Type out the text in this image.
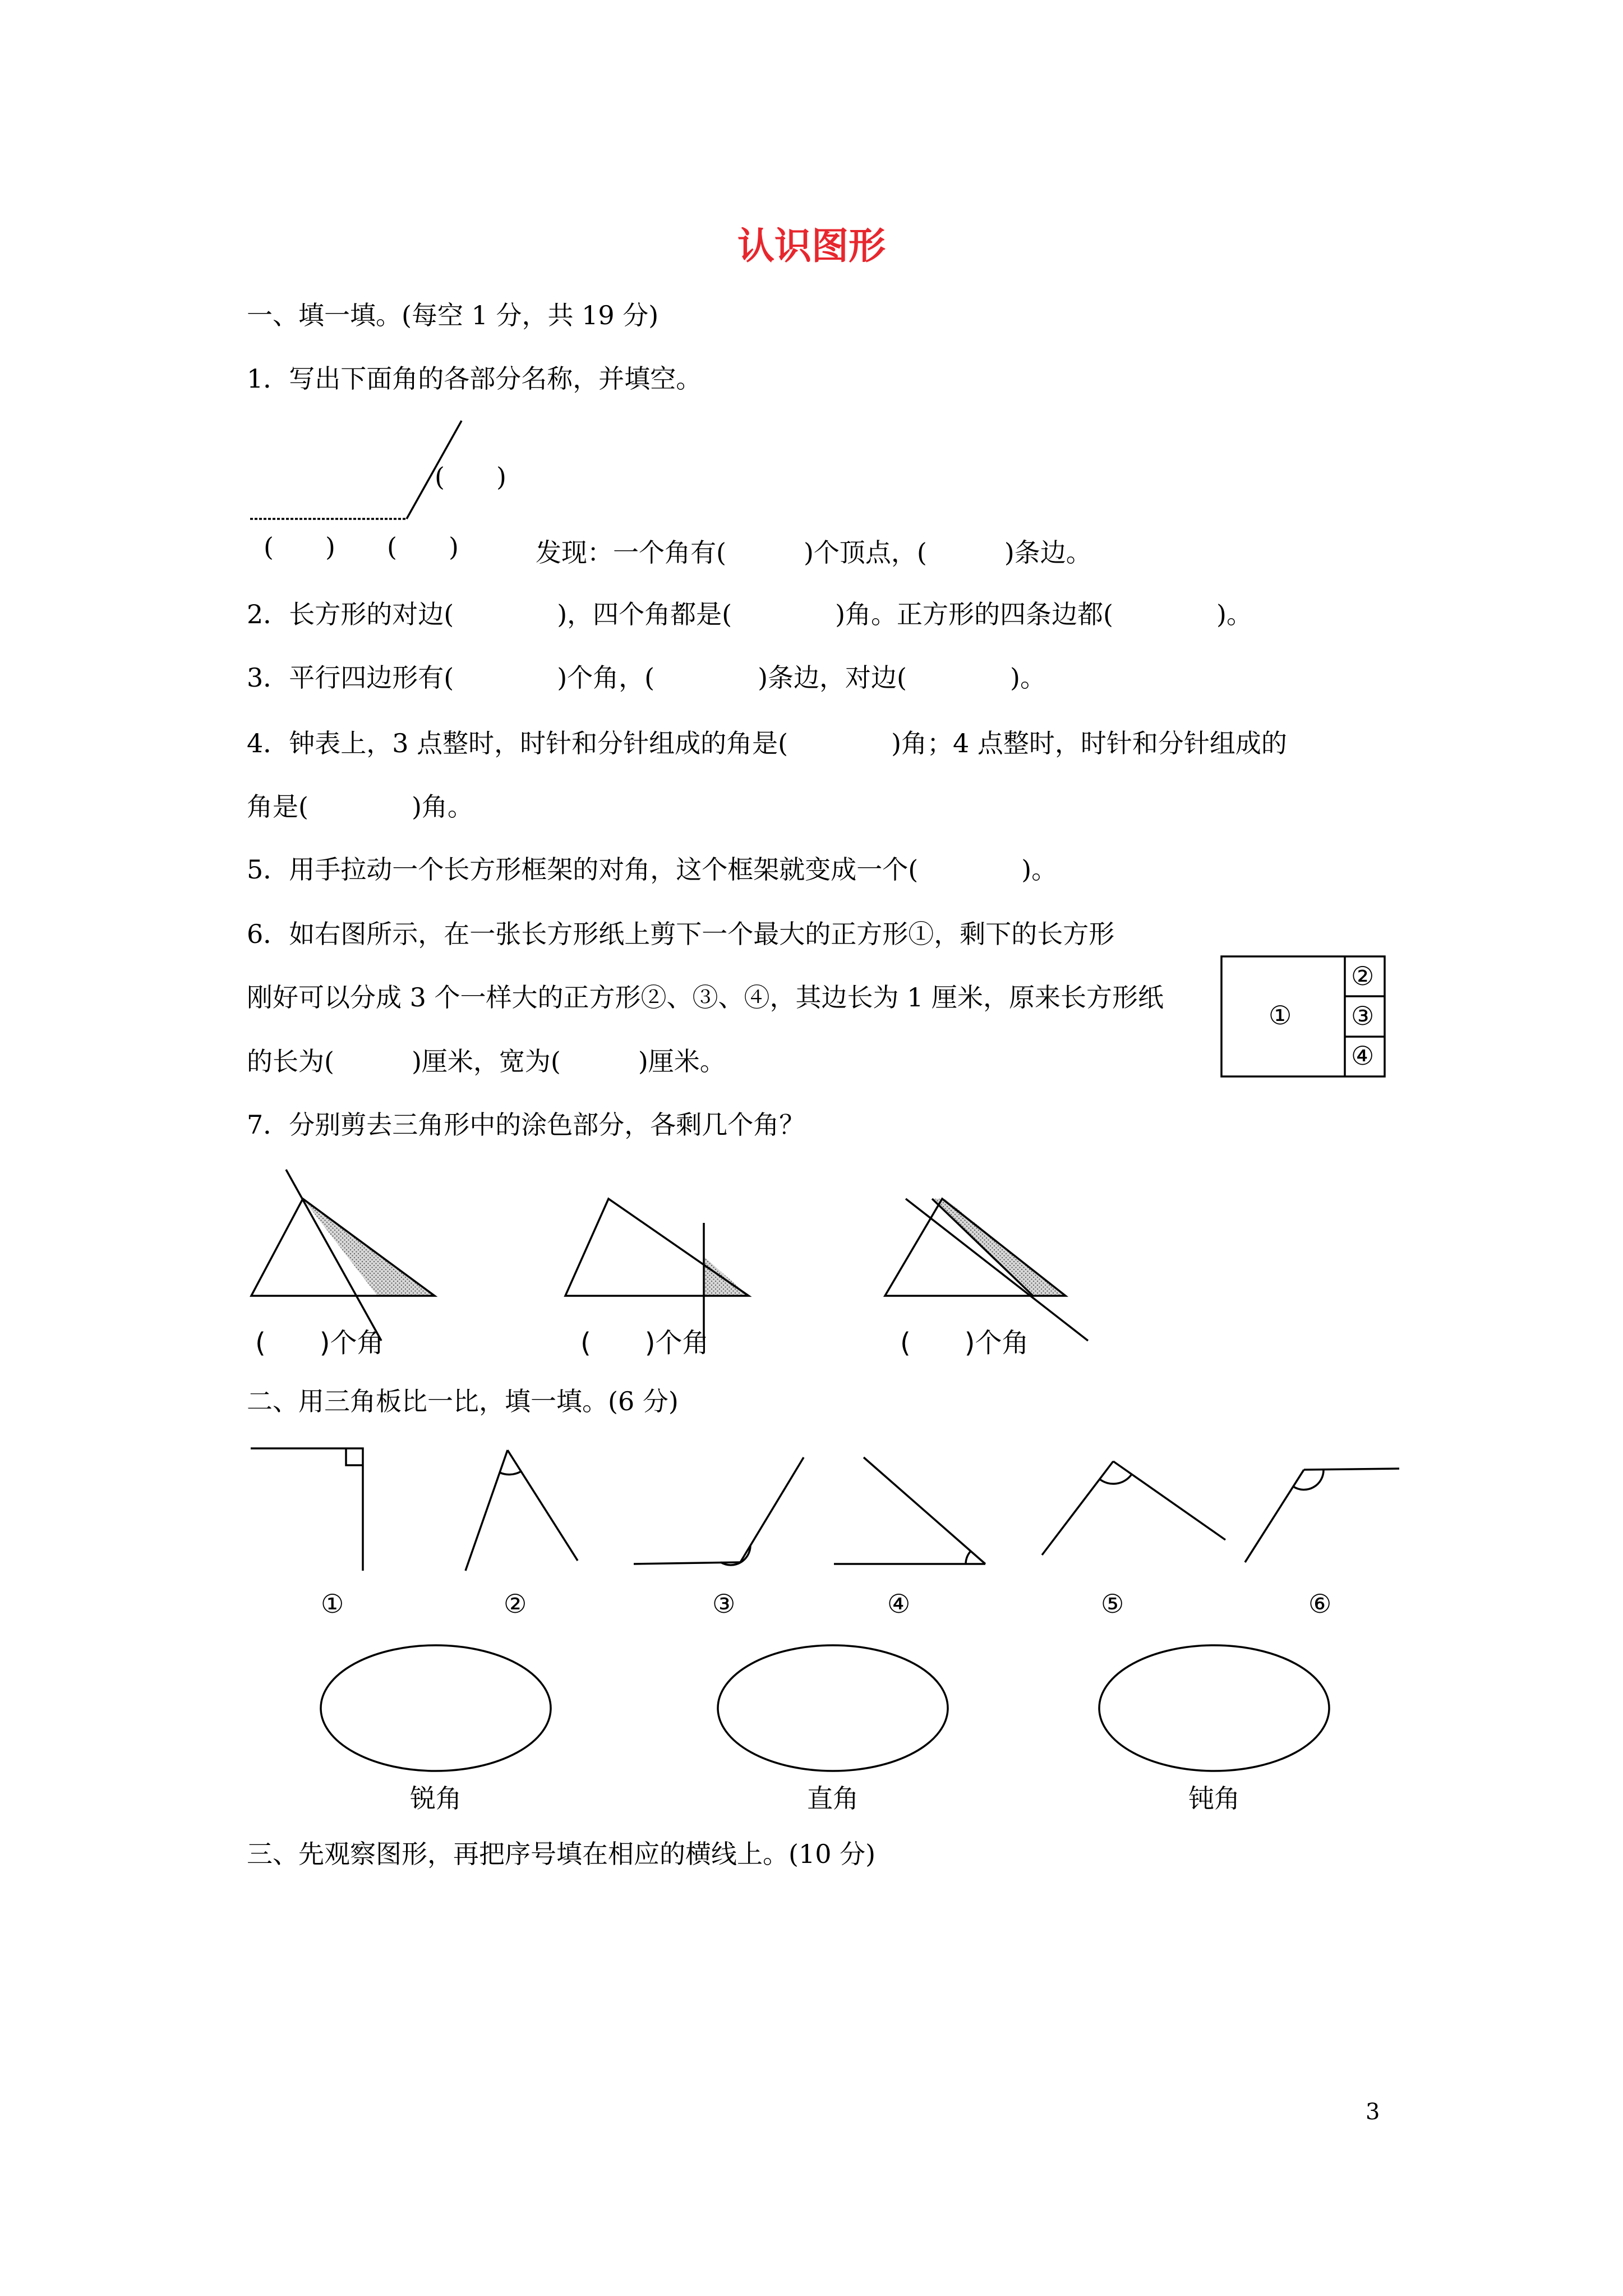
认识图形
一、填一填。(每空 1 分，共 19 分)
1．写出下面角的各部分名称，并填空。
(　　)
(　　) (　　)	发现：一个角有(　　　)个顶点，(　　　)条边。
2．长方形的对边(　　　　)，四个角都是(　　　　)角。正方形的四条边都(　　　　)。
3．平行四边形有(　　　　)个角，(　　　　)条边，对边(　　　　)。
4．钟表上，3 点整时，时针和分针组成的角是(　　　　)角；4 点整时，时针和分针组成的
角是(　　　　)角。
5．用手拉动一个长方形框架的对角，这个框架就变成一个(　　　　)。
6．如右图所示，在一张长方形纸上剪下一个最大的正方形①，剩下的长方形
刚好可以分成 3 个一样大的正方形②、③、④，其边长为 1 厘米，原来长方形纸
的长为(　　　)厘米，宽为(　　　)厘米。
①
②
③
④
7．分别剪去三角形中的涂色部分，各剩几个角？
(　　)个角	(　　)个角	(　　)个角
二、用三角板比一比，填一填。(6 分)
①	②	③	④	⑤	⑥
锐角	直角	钝角
三、先观察图形，再把序号填在相应的横线上。(10 分)
3
